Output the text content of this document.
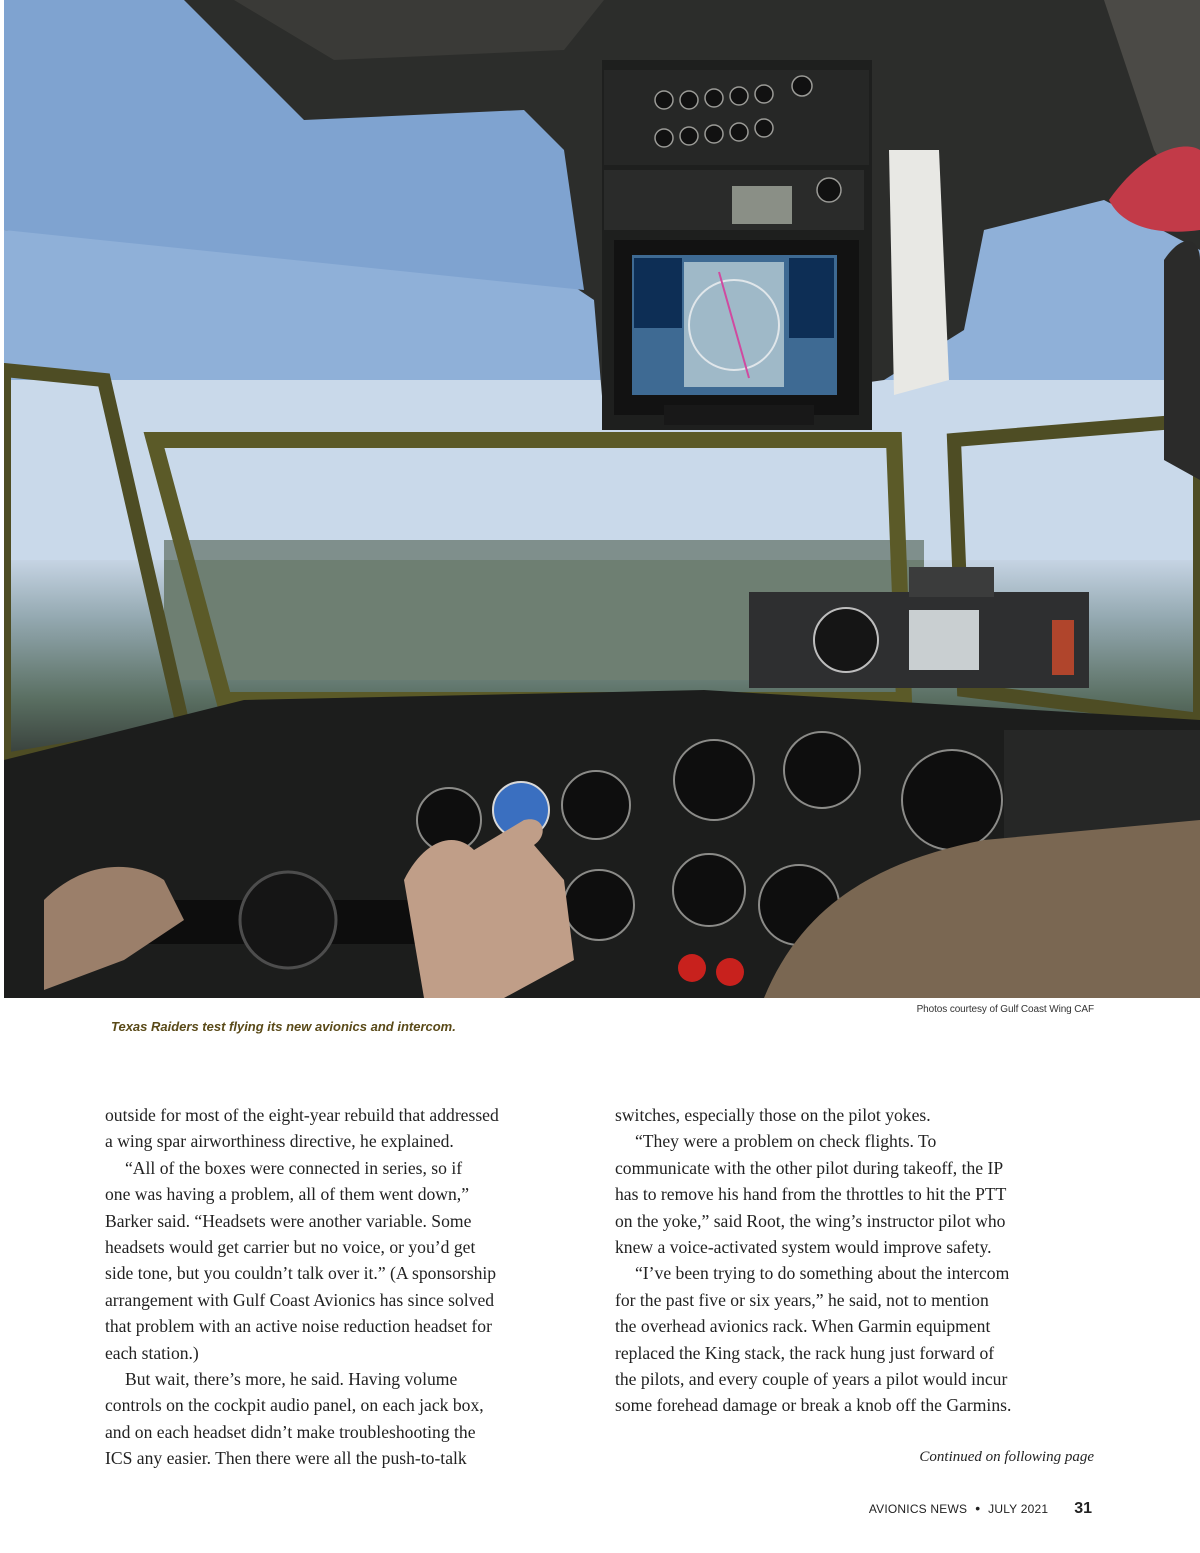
Photos courtesy of Gulf Coast Wing CAF
Texas Raiders test flying its new avionics and intercom.
outside for most of the eight-year rebuild that addressed
a wing spar airworthiness directive, he explained.
“All of the boxes were connected in series, so if
one was having a problem, all of them went down,”
Barker said. “Headsets were another variable. Some
headsets would get carrier but no voice, or you’d get
side tone, but you couldn’t talk over it.” (A sponsorship
arrangement with Gulf Coast Avionics has since solved
that problem with an active noise reduction headset for
each station.)
But wait, there’s more, he said. Having volume
controls on the cockpit audio panel, on each jack box,
and on each headset didn’t make troubleshooting the
ICS any easier. Then there were all the push-to-talk
switches, especially those on the pilot yokes.
“They were a problem on check flights. To
communicate with the other pilot during takeoff, the IP
has to remove his hand from the throttles to hit the PTT
on the yoke,” said Root, the wing’s instructor pilot who
knew a voice-activated system would improve safety.
“I’ve been trying to do something about the intercom
for the past five or six years,” he said, not to mention
the overhead avionics rack. When Garmin equipment
replaced the King stack, the rack hung just forward of
the pilots, and every couple of years a pilot would incur
some forehead damage or break a knob off the Garmins.
Continued on following page
AVIONICS NEWS • JULY 2021 31
